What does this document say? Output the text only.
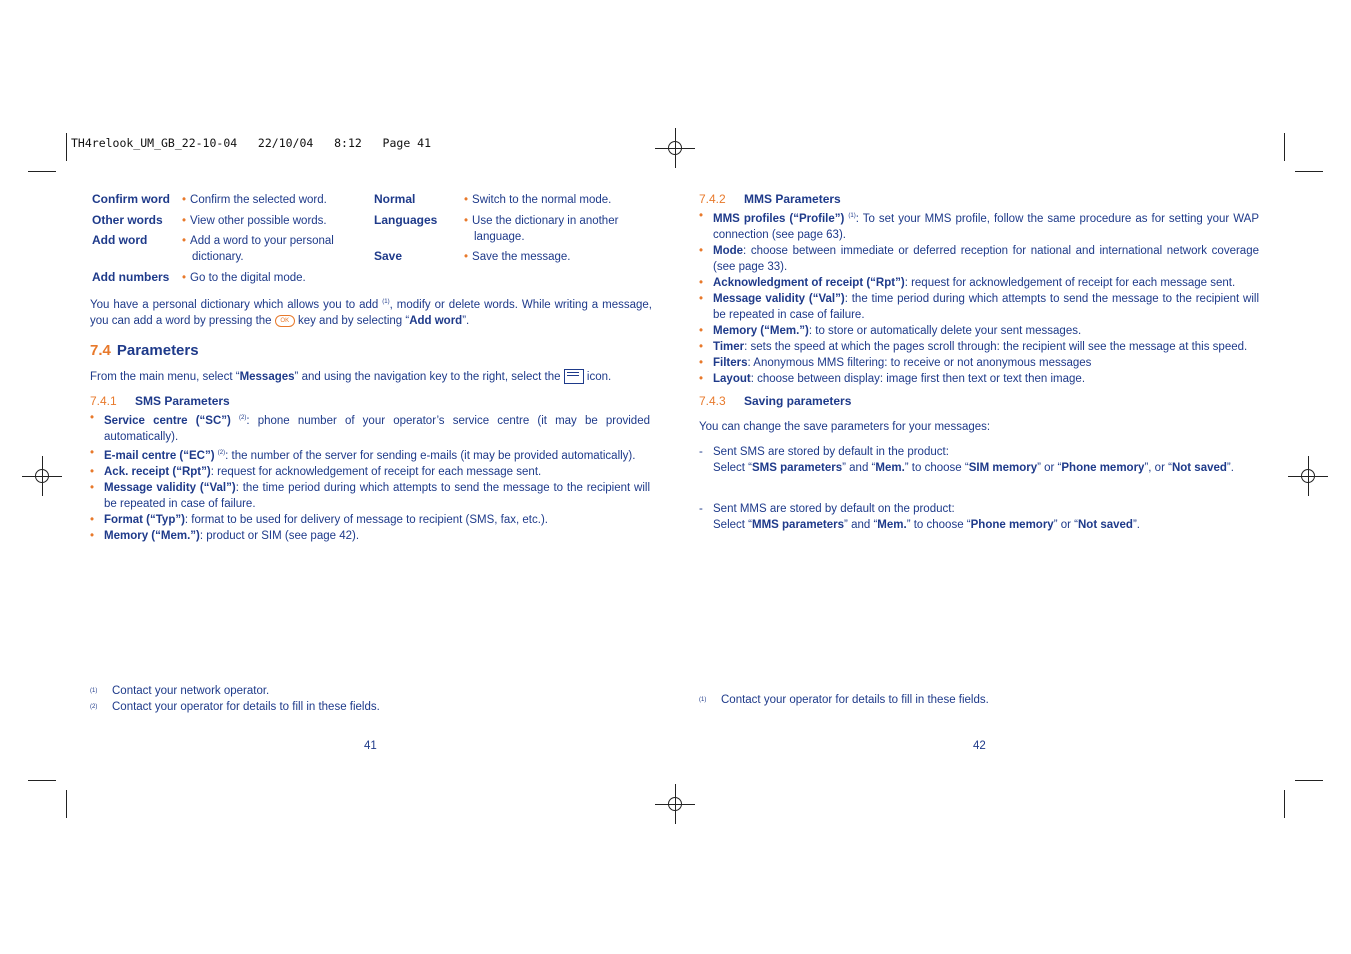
TH4relook_UM_GB_22-10-04   22/10/04   8:12   Page 41
Confirm word • Confirm the selected word.
Other words • View other possible words.
Add word	• Add a word to your personal dictionary.
Add numbers • Go to the digital mode.
Normal	• Switch to the normal mode.
Languages • Use the dictionary in another language.
Save	• Save the message.
You have a personal dictionary which allows you to add $^{(1)}$, modify or delete words. While writing a message, you can add a word by pressing the OK key and by selecting “Add word”.
7.4 Parameters
From the main menu, select “Messages” and using the navigation key to the right, select the  icon.
7.4.1 SMS Parameters
• Service centre (“SC”) $^{(2)}$: phone number of your operator’s service centre (it may be provided automatically).
• E-mail centre (“EC”) $^{(2)}$: the number of the server for sending e-mails (it may be provided automatically).
• Ack. receipt (“Rpt”): request for acknowledgement of receipt for each message sent.
• Message validity (“Val”): the time period during which attempts to send the message to the recipient will be repeated in case of failure.
• Format (“Typ”): format to be used for delivery of message to recipient (SMS, fax, etc.).
• Memory (“Mem.”): product or SIM (see page 42).
(1) Contact your network operator.
(2) Contact your operator for details to fill in these fields.
41
7.4.2 MMS Parameters
• MMS profiles (“Profile”) $^{(1)}$: To set your MMS profile, follow the same procedure as for setting your WAP connection (see page 63).
• Mode: choose between immediate or deferred reception for national and international network coverage (see page 33).
• Acknowledgment of receipt (“Rpt”): request for acknowledgement of receipt for each message sent.
• Message validity (“Val”): the time period during which attempts to send the message to the recipient will be repeated in case of failure.
• Memory (“Mem.”): to store or automatically delete your sent messages.
• Timer: sets the speed at which the pages scroll through: the recipient will see the message at this speed.
• Filters: Anonymous MMS filtering: to receive or not anonymous messages
• Layout: choose between display: image first then text or text then image.
7.4.3 Saving parameters
You can change the save parameters for your messages:
- Sent SMS are stored by default in the product:
Select “SMS parameters” and “Mem.” to choose “SIM memory” or “Phone memory”, or “Not saved”.
- Sent MMS are stored by default on the product:
Select “MMS parameters” and “Mem.” to choose “Phone memory” or “Not saved”.
(1) Contact your operator for details to fill in these fields.
42
